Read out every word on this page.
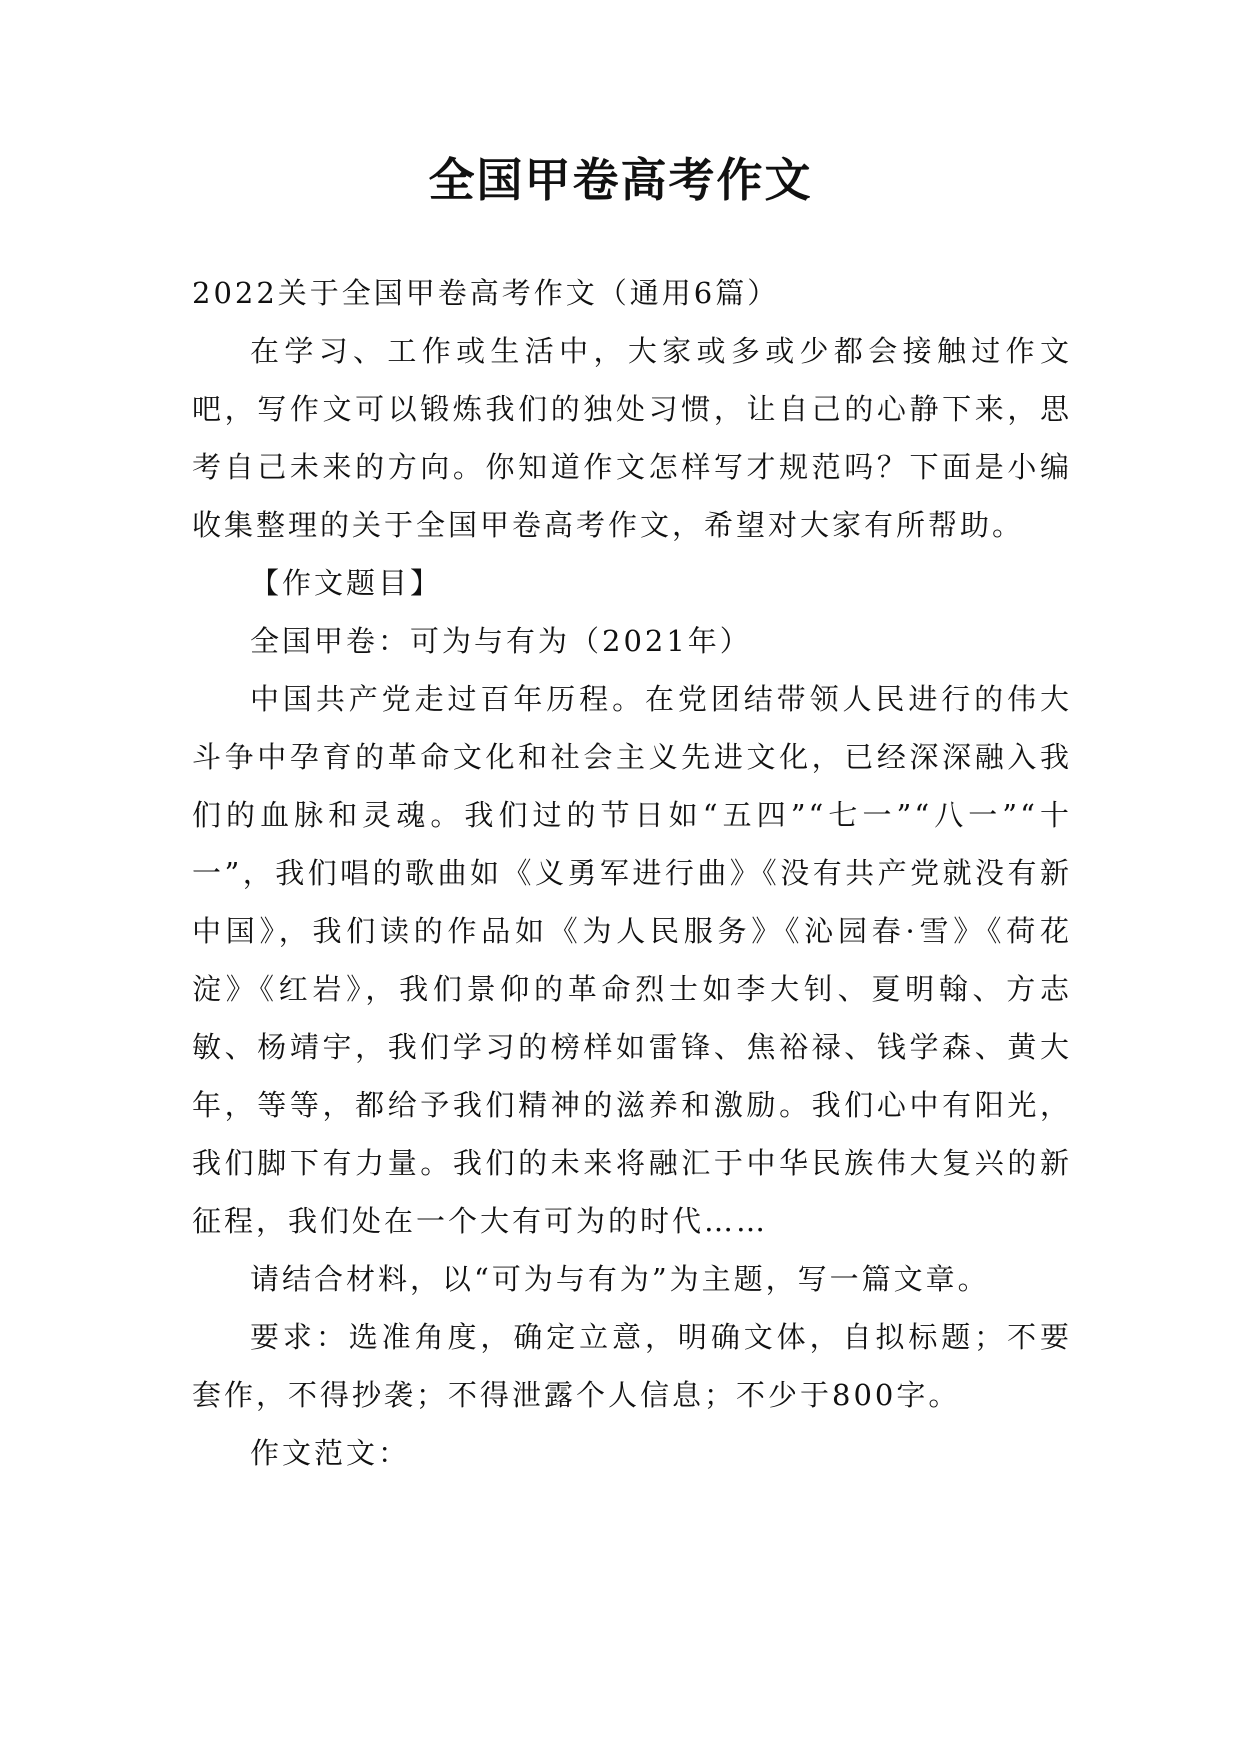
全国甲卷高考作文

2022关于全国甲卷高考作文（通用6篇）

在学习、工作或生活中，大家或多或少都会接触过作文吧，写作文可以锻炼我们的独处习惯，让自己的心静下来，思考自己未来的方向。你知道作文怎样写才规范吗？下面是小编收集整理的关于全国甲卷高考作文，希望对大家有所帮助。

【作文题目】

全国甲卷：可为与有为（2021年）

中国共产党走过百年历程。在党团结带领人民进行的伟大斗争中孕育的革命文化和社会主义先进文化，已经深深融入我们的血脉和灵魂。我们过的节日如“五四”“七一”“八一”“十一”，我们唱的歌曲如《义勇军进行曲》《没有共产党就没有新中国》，我们读的作品如《为人民服务》《沁园春·雪》《荷花淀》《红岩》，我们景仰的革命烈士如李大钊、夏明翰、方志敏、杨靖宇，我们学习的榜样如雷锋、焦裕禄、钱学森、黄大年，等等，都给予我们精神的滋养和激励。我们心中有阳光，我们脚下有力量。我们的未来将融汇于中华民族伟大复兴的新征程，我们处在一个大有可为的时代……

请结合材料，以“可为与有为”为主题，写一篇文章。

要求：选准角度，确定立意，明确文体，自拟标题；不要套作，不得抄袭；不得泄露个人信息；不少于800字。

作文范文：
